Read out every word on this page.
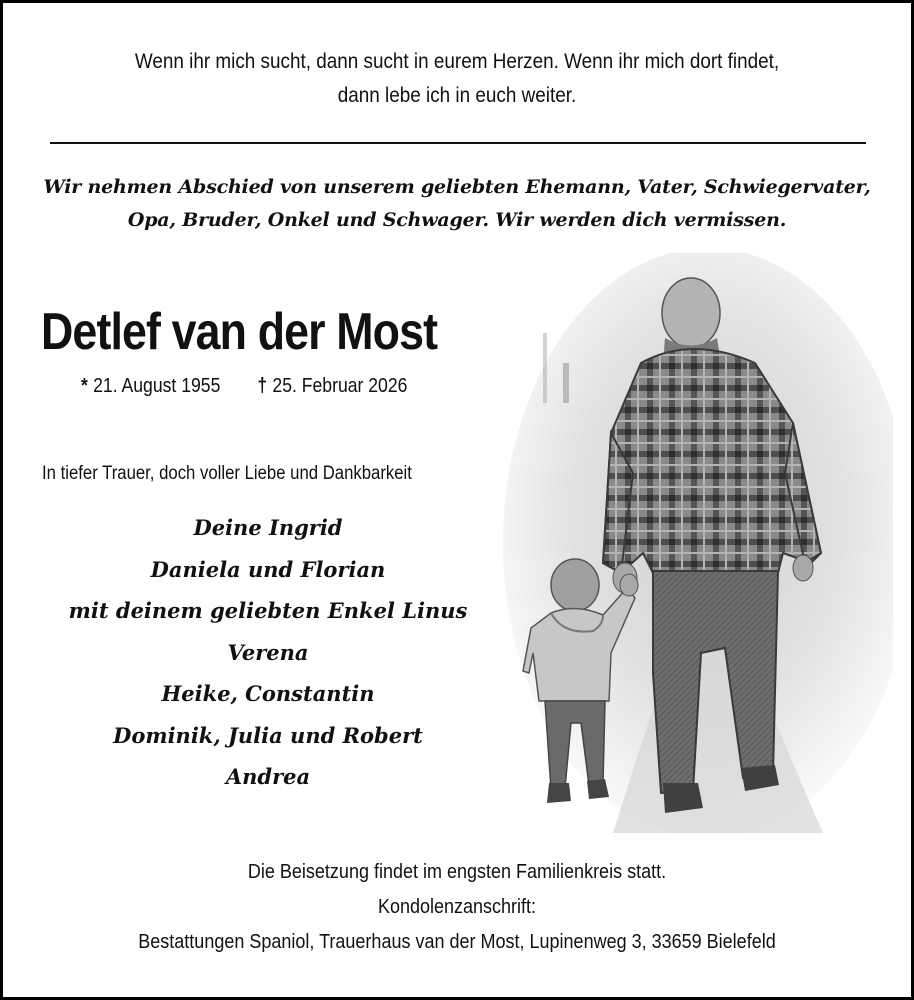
Wenn ihr mich sucht, dann sucht in eurem Herzen. Wenn ihr mich dort findet,
dann lebe ich in euch weiter.
Wir nehmen Abschied von unserem geliebten Ehemann, Vater, Schwiegervater,
Opa, Bruder, Onkel und Schwager. Wir werden dich vermissen.
Detlef van der Most
* 21. August 1955 † 25. Februar 2026
In tiefer Trauer, doch voller Liebe und Dankbarkeit
Deine Ingrid
Daniela und Florian
mit deinem geliebten Enkel Linus
Verena
Heike, Constantin
Dominik, Julia und Robert
Andrea
Die Beisetzung findet im engsten Familienkreis statt.
Kondolenzanschrift:
Bestattungen Spaniol, Trauerhaus van der Most, Lupinenweg 3, 33659 Bielefeld
